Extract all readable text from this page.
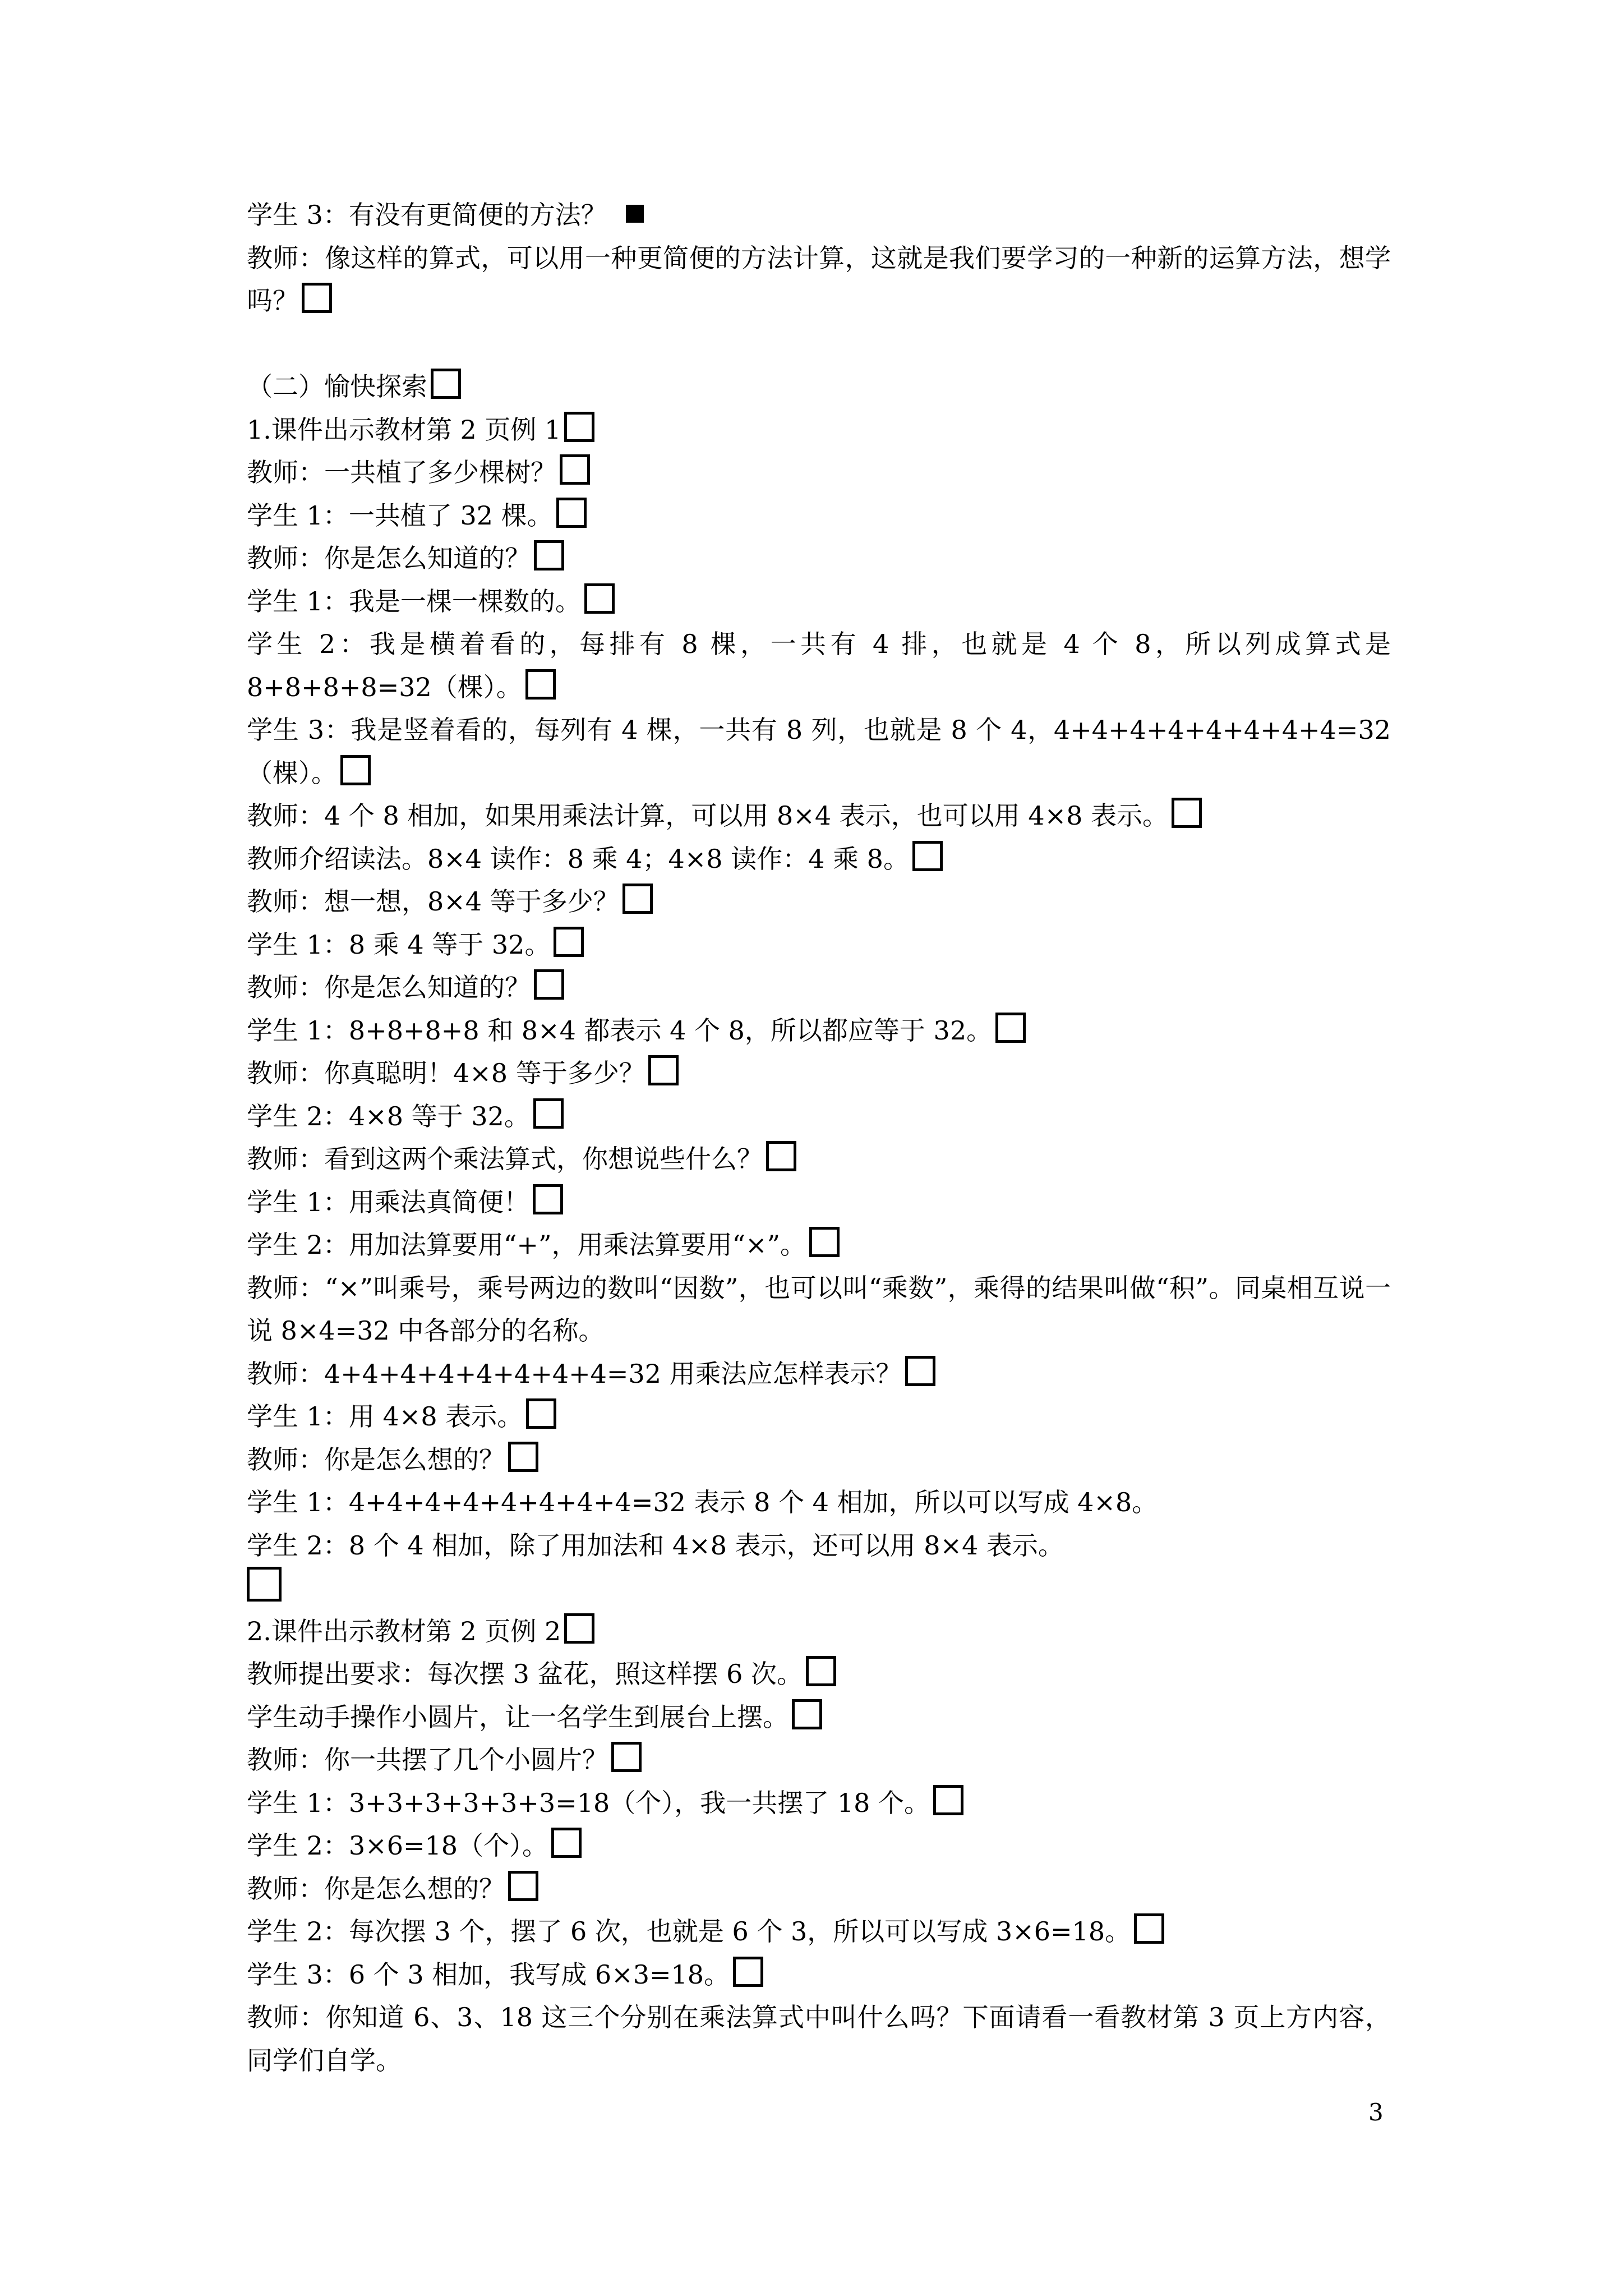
学生 3：有没有更简便的方法？
教师：像这样的算式，可以用一种更简便的方法计算，这就是我们要学习的一种新的运算方法，想学吗？
（二）愉快探索
1.课件出示教材第 2 页例 1
教师：一共植了多少棵树？
学生 1：一共植了 32 棵。
教师：你是怎么知道的？
学生 1：我是一棵一棵数的。
学生 2：我是横着看的，每排有 8 棵，一共有 4 排，也就是 4 个 8，所以列成算式是 8+8+8+8=32（棵）。
学生 3：我是竖着看的，每列有 4 棵，一共有 8 列，也就是 8 个 4，4+4+4+4+4+4+4+4=32（棵）。
教师：4 个 8 相加，如果用乘法计算，可以用 8×4 表示，也可以用 4×8 表示。
教师介绍读法。8×4 读作：8 乘 4；4×8 读作：4 乘 8。
教师：想一想，8×4 等于多少？
学生 1：8 乘 4 等于 32。
教师：你是怎么知道的？
学生 1：8+8+8+8 和 8×4 都表示 4 个 8，所以都应等于 32。
教师：你真聪明！4×8 等于多少？
学生 2：4×8 等于 32。
教师：看到这两个乘法算式，你想说些什么？
学生 1：用乘法真简便！
学生 2：用加法算要用“+”，用乘法算要用“×”。
教师：“×”叫乘号，乘号两边的数叫“因数”，也可以叫“乘数”，乘得的结果叫做“积”。同桌相互说一说 8×4=32 中各部分的名称。
教师：4+4+4+4+4+4+4+4=32 用乘法应怎样表示？
学生 1：用 4×8 表示。
教师：你是怎么想的？
学生 1：4+4+4+4+4+4+4+4=32 表示 8 个 4 相加，所以可以写成 4×8。
学生 2：8 个 4 相加，除了用加法和 4×8 表示，还可以用 8×4 表示。
2.课件出示教材第 2 页例 2
教师提出要求：每次摆 3 盆花，照这样摆 6 次。
学生动手操作小圆片，让一名学生到展台上摆。
教师：你一共摆了几个小圆片？
学生 1：3+3+3+3+3+3=18（个），我一共摆了 18 个。
学生 2：3×6=18（个）。
教师：你是怎么想的？
学生 2：每次摆 3 个，摆了 6 次，也就是 6 个 3，所以可以写成 3×6=18。
学生 3：6 个 3 相加，我写成 6×3=18。
教师：你知道 6、3、18 这三个分别在乘法算式中叫什么吗？下面请看一看教材第 3 页上方内容，同学们自学。
3
